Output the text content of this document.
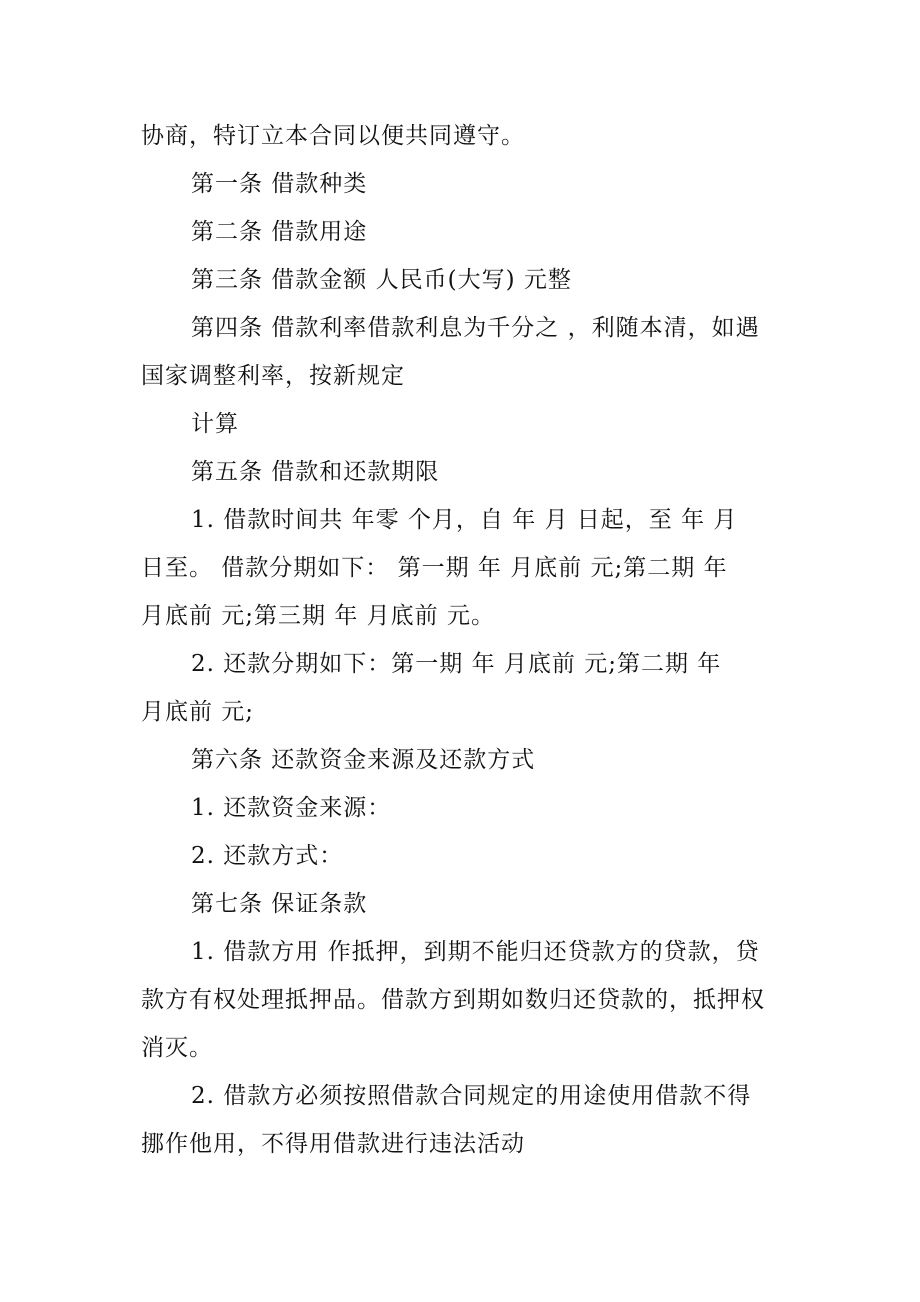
协商，特订立本合同以便共同遵守。
第一条 借款种类
第二条 借款用途
第三条 借款金额 人民币(大写) 元整
第四条 借款利率借款利息为千分之 ，利随本清，如遇
国家调整利率，按新规定
计算
第五条 借款和还款期限
1. 借款时间共 年零 个月，自 年 月 日起，至 年 月
日至。 借款分期如下： 第一期 年 月底前 元;第二期 年
月底前 元;第三期 年 月底前 元。
2. 还款分期如下：第一期 年 月底前 元;第二期 年
月底前 元;
第六条 还款资金来源及还款方式
1. 还款资金来源：
2. 还款方式：
第七条 保证条款
1. 借款方用 作抵押，到期不能归还贷款方的贷款，贷
款方有权处理抵押品。借款方到期如数归还贷款的，抵押权
消灭。
2. 借款方必须按照借款合同规定的用途使用借款不得
挪作他用，不得用借款进行违法活动
